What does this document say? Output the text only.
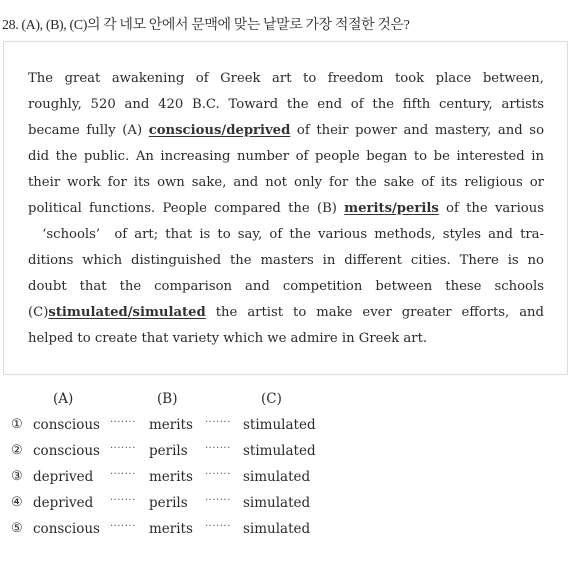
28. (A), (B), (C)의 각 네모 안에서 문맥에 맞는 낱말로 가장 적절한 것은?
The great awakening of Greek art to freedom took place between,
roughly, 520 and 420 B.C. Toward the end of the fifth century, artists
became fully (A) conscious/deprived of their power and mastery, and so
did the public. An increasing number of people began to be interested in
their work for its own sake, and not only for the sake of its religious or
political functions. People compared the (B) merits/perils of the various
‘schools’  of art; that is to say, of the various methods, styles and tra-
ditions which distinguished the masters in different cities. There is no
doubt that the comparison and competition between these schools
(C)stimulated/simulated the artist to make ever greater efforts, and
helped to create that variety which we admire in Greek art.
(A)	(B)	(C)
① conscious ······· merits ······· stimulated
② conscious ······· perils ······· stimulated
③ deprived ······· merits ······· simulated
④ deprived ······· perils ······· simulated
⑤ conscious ······· merits ······· simulated
